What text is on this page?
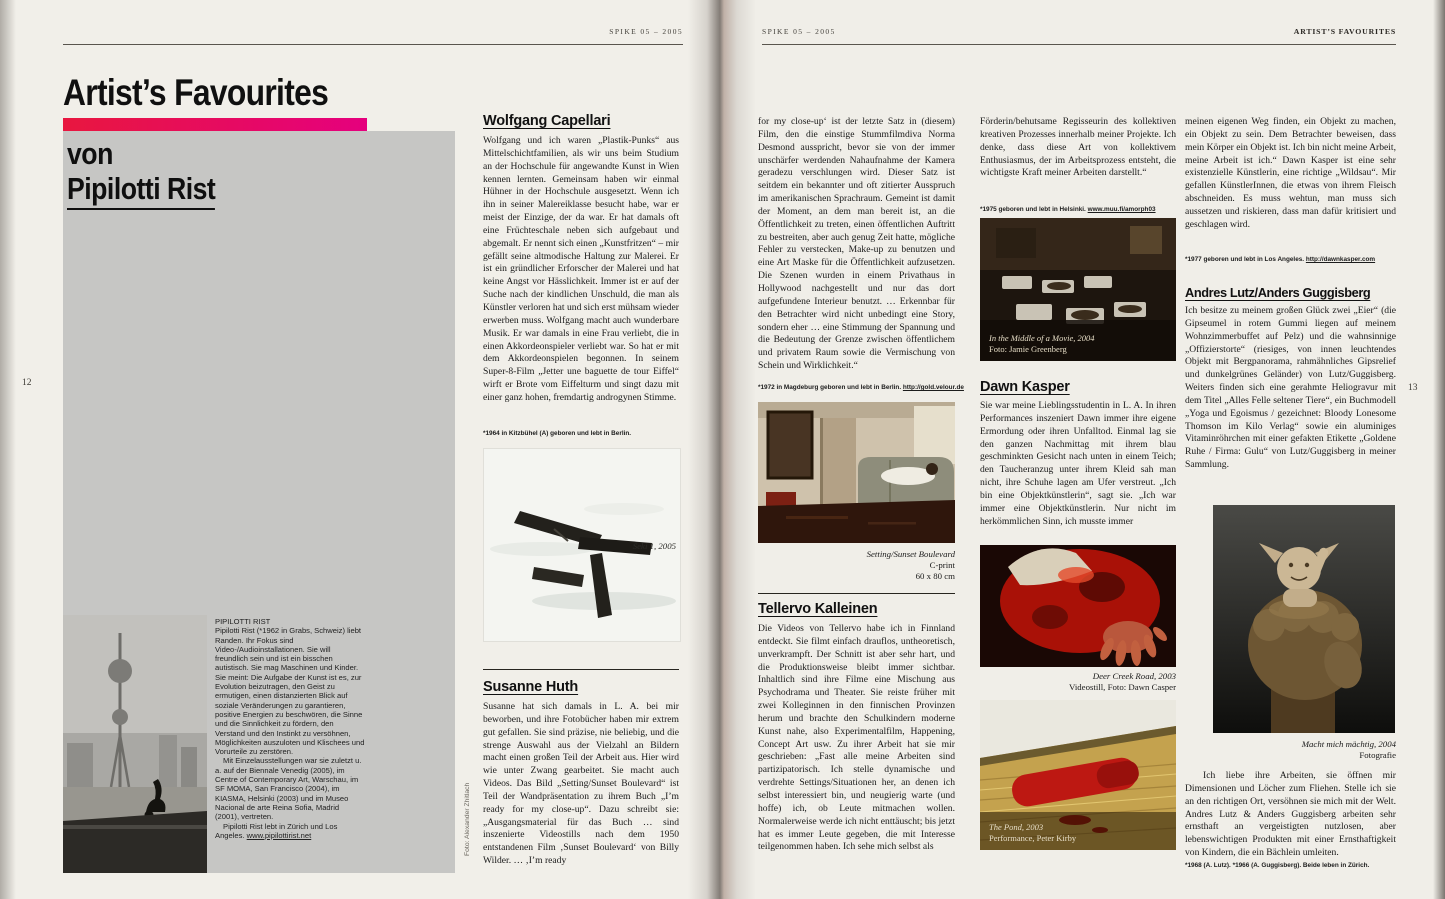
SPIKE 05 – 2005	SPIKE 05 – 2005	ARTIST’S FAVOURITES
12	13
Artist’s Favourites
von
Pipilotti Rist

PIPILOTTI RIST

Pipilotti Rist (*1962 in Grabs, Schweiz) liebt Randen. Ihr Fokus sind Video-/Audioinstallationen. Sie will freundlich sein und ist ein bisschen autistisch. Sie mag Maschinen und Kinder. Sie meint: Die Aufgabe der Kunst ist es, zur Evolution beizutragen, den Geist zu ermutigen, einen distanzierten Blick auf soziale Veränderungen zu garantieren, positive Energien zu beschwören, die Sinne und die Sinnlichkeit zu fördern, den Verstand und den Instinkt zu versöhnen, Möglichkeiten auszuloten und Klischees und Vorurteile zu zerstören.

Mit Einzelausstellungen war sie zuletzt u. a. auf der Biennale Venedig (2005), im Centre of Contemporary Art, Warschau, im SF MOMA, San Francisco (2004), im KIASMA, Helsinki (2003) und im Museo Nacional de arte Reina Sofia, Madrid (2001), vertreten.

Pipilotti Rist lebt in Zürich und Los Angeles. www.pipilottirist.net	Foto: Alexander Zhitlach
Wolfgang Capellari
Wolfgang und ich waren „Plastik-Punks“ aus Mittelschichtfamilien, als wir uns beim Studium an der Hochschule für angewandte Kunst in Wien kennen lernten. Gemeinsam haben wir einmal Hühner in der Hochschule ausgesetzt. Wenn ich ihn in seiner Malereiklasse besucht habe, war er meist der Einzige, der da war. Er hat damals oft eine Früchteschale neben sich aufgebaut und abgemalt. Er nennt sich einen „Kunstfritzen“ – mir gefällt seine altmodische Haltung zur Malerei. Er ist ein gründlicher Erforscher der Malerei und hat keine Angst vor Hässlichkeit. Immer ist er auf der Suche nach der kindlichen Unschuld, die man als Künstler verloren hat und sich erst mühsam wieder erwerben muss. Wolfgang macht auch wunderbare Musik. Er war damals in eine Frau verliebt, die in einen Akkordeonspieler verliebt war. So hat er mit dem Akkordeonspielen begonnen. In seinem Super-8-Film „Jetter une baguette de tour Eiffel“ wirft er Brote vom Eiffelturm und singt dazu mit einer ganz hohen, fremdartig androgynen Stimme.
*1964 in Kitzbühel (A) geboren und lebt in Berlin.
Seki 1, 2005
Susanne Huth
Susanne hat sich damals in L. A. bei mir beworben, und ihre Fotobücher haben mir extrem gut gefallen. Sie sind präzise, nie beliebig, und die strenge Auswahl aus der Vielzahl an Bildern macht einen großen Teil der Arbeit aus. Hier wird wie unter Zwang gearbeitet. Sie macht auch Videos. Das Bild „Setting/Sunset Boulevard“ ist Teil der Wandpräsentation zu ihrem Buch „I’m ready for my close-up“. Dazu schreibt sie: „Ausgangsmaterial für das Buch … sind inszenierte Videostills nach dem 1950 entstandenen Film ‚Sunset Boulevard‘ von Billy Wilder. … ‚I’m ready
for my close-up‘ ist der letzte Satz in (diesem) Film, den die einstige Stummfilmdiva Norma Desmond ausspricht, bevor sie von der immer unschärfer werdenden Nahaufnahme der Kamera geradezu verschlungen wird. Dieser Satz ist seitdem ein bekannter und oft zitierter Ausspruch im amerikanischen Sprachraum. Gemeint ist damit der Moment, an dem man bereit ist, an die Öffentlichkeit zu treten, einen öffentlichen Auftritt zu bestreiten, aber auch genug Zeit hatte, mögliche Fehler zu verstecken, Make-up zu benutzen und eine Art Maske für die Öffentlichkeit aufzusetzen. Die Szenen wurden in einem Privathaus in Hollywood nachgestellt und nur das dort aufgefundene Interieur benutzt. … Erkennbar für den Betrachter wird nicht unbedingt eine Story, sondern eher … eine Stimmung der Spannung und die Bedeutung der Grenze zwischen öffentlichem und privatem Raum sowie die Vermischung von Schein und Wirklichkeit.“
*1972 in Magdeburg geboren und lebt in Berlin. http://gold.velour.de
Setting/Sunset Boulevard
C-print
60 x 80 cm
Tellervo Kalleinen
Die Videos von Tellervo habe ich in Finnland entdeckt. Sie filmt einfach drauflos, untheoretisch, unverkrampft. Der Schnitt ist aber sehr hart, und die Produktionsweise bleibt immer sichtbar. Inhaltlich sind ihre Filme eine Mischung aus Psychodrama und Theater. Sie reiste früher mit zwei Kolleginnen in den finnischen Provinzen herum und brachte den Schulkindern moderne Kunst nahe, also Experimentalfilm, Happening, Concept Art usw. Zu ihrer Arbeit hat sie mir geschrieben: „Fast alle meine Arbeiten sind partizipatorisch. Ich stelle dynamische und verdrehte Settings/Situationen her, an denen ich selbst interessiert bin, und neugierig warte (und hoffe) ich, ob Leute mitmachen wollen. Normalerweise werde ich nicht enttäuscht; bis jetzt hat es immer Leute gegeben, die mit Interesse teilgenommen haben. Ich sehe mich selbst als
Förderin/behutsame Regisseurin des kollektiven kreativen Prozesses innerhalb meiner Projekte. Ich denke, dass diese Art von kollektivem Enthusiasmus, der im Arbeitsprozess entsteht, die wichtigste Kraft meiner Arbeiten darstellt.“
*1975 geboren und lebt in Helsinki. www.muu.fi/amorph03
In the Middle of a Movie, 2004
Foto: Jamie Greenberg
Dawn Kasper
Sie war meine Lieblingsstudentin in L. A. In ihren Performances inszeniert Dawn immer ihre eigene Ermordung oder ihren Unfalltod. Einmal lag sie den ganzen Nachmittag mit ihrem blau geschminkten Gesicht nach unten in einem Teich; den Taucheranzug unter ihrem Kleid sah man nicht, ihre Schuhe lagen am Ufer verstreut. „Ich bin eine Objektkünstlerin“, sagt sie. „Ich war immer eine Objektkünstlerin. Nur nicht im herkömmlichen Sinn, ich musste immer
Deer Creek Road, 2003
Videostill, Foto: Dawn Casper
The Pond, 2003
Performance, Peter Kirby
meinen eigenen Weg finden, ein Objekt zu machen, ein Objekt zu sein. Dem Betrachter beweisen, dass mein Körper ein Objekt ist. Ich bin nicht meine Arbeit, meine Arbeit ist ich.“ Dawn Kasper ist eine sehr existenzielle Künstlerin, eine richtige „Wildsau“. Mir gefallen KünstlerInnen, die etwas von ihrem Fleisch abschneiden. Es muss wehtun, man muss sich aussetzen und riskieren, dass man dafür kritisiert und geschlagen wird.
*1977 geboren und lebt in Los Angeles. http://dawnkasper.com
Andres Lutz/Anders Guggisberg
Ich besitze zu meinem großen Glück zwei „Eier“ (die Gipseumel in rotem Gummi liegen auf meinem Wohnzimmerbuffet auf Pelz) und die wahnsinnige „Offizierstorte“ (riesiges, von innen leuchtendes Objekt mit Bergpanorama, rahmähnliches Gipsrelief und dunkelgrünes Geländer) von Lutz/Guggisberg. Weiters finden sich eine gerahmte Heliogravur mit dem Titel „Alles Felle seltener Tiere“, ein Buchmodell „Yoga und Egoismus / gezeichnet: Bloody Lonesome Thomson im Kilo Verlag“ sowie ein aluminiges Vitaminröhrchen mit einer gefakten Etikette „Goldene Ruhe / Firma: Gulu“ von Lutz/Guggisberg in meiner Sammlung.
Macht mich mächtig, 2004
Fotografie
Ich liebe ihre Arbeiten, sie öffnen mir Dimensionen und Löcher zum Fliehen. Stelle ich sie an den richtigen Ort, versöhnen sie mich mit der Welt. Andres Lutz & Anders Guggisberg arbeiten sehr ernsthaft an vergeistigten nutzlosen, aber lebenswichtigen Produkten mit einer Ernsthaftigkeit von Kindern, die ein Bächlein umleiten.
*1968 (A. Lutz). *1966 (A. Guggisberg). Beide leben in Zürich.
